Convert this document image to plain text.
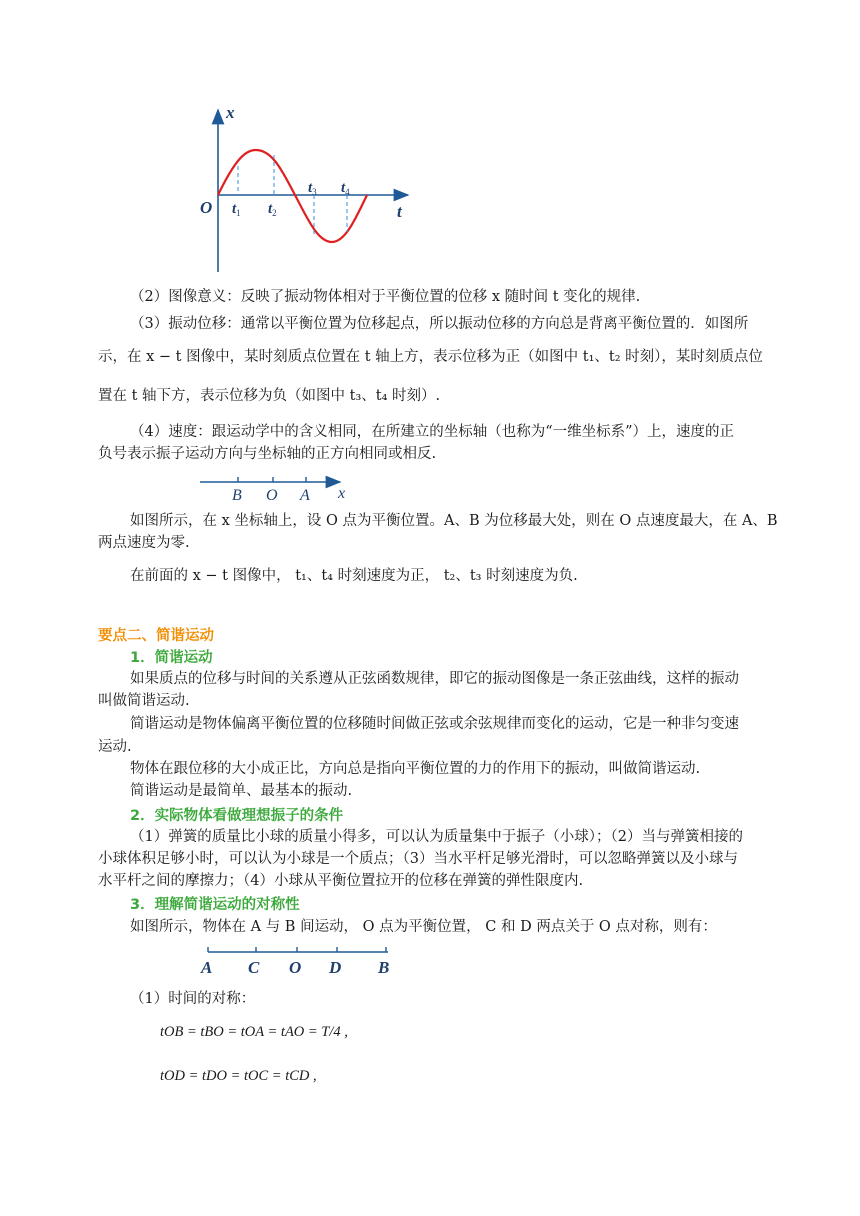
x
t
O $t_1$ $t_2$
$t_3$ $t_4$
（2）图像意义：反映了振动物体相对于平衡位置的位移 x 随时间 t 变化的规律.
（3）振动位移：通常以平衡位置为位移起点，所以振动位移的方向总是背离平衡位置的．如图所
示，在 x − t 图像中，某时刻质点位置在 t 轴上方，表示位移为正（如图中 t₁、t₂ 时刻），某时刻质点位
置在 t 轴下方，表示位移为负（如图中 t₃、t₄ 时刻）.
（4）速度：跟运动学中的含义相同，在所建立的坐标轴（也称为“一维坐标系”）上，速度的正
负号表示振子运动方向与坐标轴的正方向相同或相反.
B O A x
如图所示，在 x 坐标轴上，设 O 点为平衡位置。A、B 为位移最大处，则在 O 点速度最大，在 A、B
两点速度为零.
在前面的 x − t 图像中， t₁、t₄ 时刻速度为正， t₂、t₃ 时刻速度为负.
要点二、简谐运动
1．简谐运动
如果质点的位移与时间的关系遵从正弦函数规律，即它的振动图像是一条正弦曲线，这样的振动
叫做简谐运动.
简谐运动是物体偏离平衡位置的位移随时间做正弦或余弦规律而变化的运动，它是一种非匀变速
运动.
物体在跟位移的大小成正比，方向总是指向平衡位置的力的作用下的振动，叫做简谐运动.
简谐运动是最简单、最基本的振动.
2．实际物体看做理想振子的条件
（1）弹簧的质量比小球的质量小得多，可以认为质量集中于振子（小球）；（2）当与弹簧相接的
小球体积足够小时，可以认为小球是一个质点；（3）当水平杆足够光滑时，可以忽略弹簧以及小球与
水平杆之间的摩擦力；（4）小球从平衡位置拉开的位移在弹簧的弹性限度内.
3．理解简谐运动的对称性
如图所示，物体在 A 与 B 间运动， O 点为平衡位置， C 和 D 两点关于 O 点对称，则有：
A C O D B
（1）时间的对称：
tOB = tBO = tOA = tAO = T/4 ,
tOD = tDO = tOC = tCD ,
